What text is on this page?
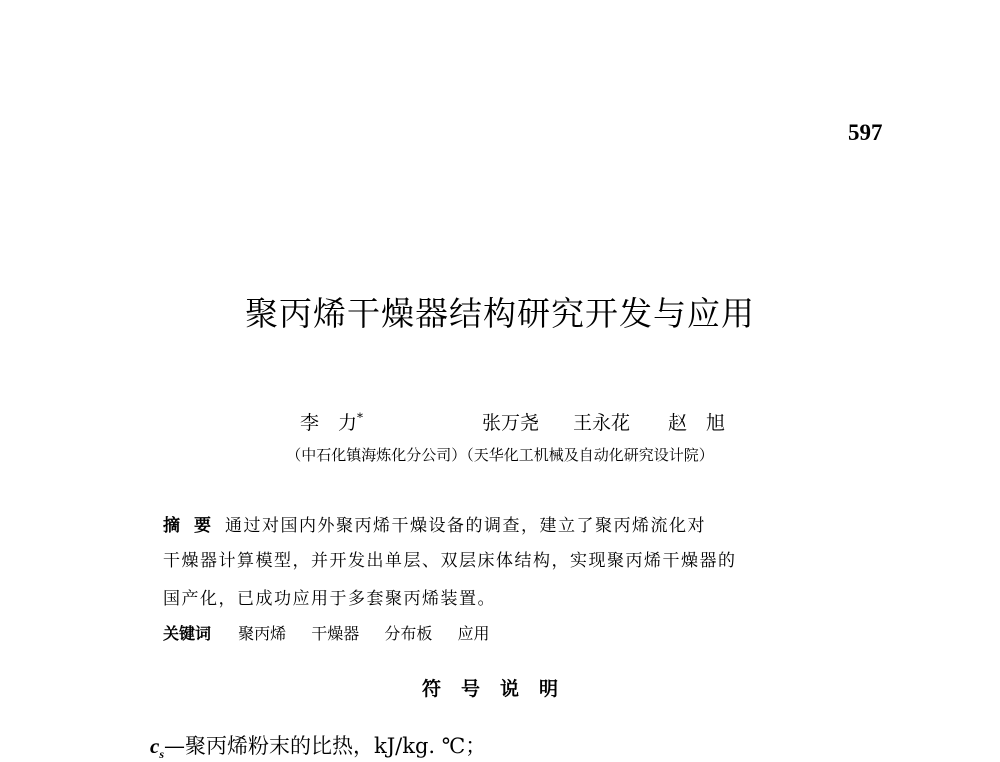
597
聚丙烯干燥器结构研究开发与应用
李　力*	张万尧 王永花 赵　旭
（中石化镇海炼化分公司）（天华化工机械及自动化研究设计院）
摘要通过对国内外聚丙烯干燥设备的调查，建立了聚丙烯流化对
干燥器计算模型，并开发出单层、双层床体结构，实现聚丙烯干燥器的
国产化，已成功应用于多套聚丙烯装置。
关键词 聚丙烯 干燥器 分布板 应用
符号说明
$c_s—$聚丙烯粉末的比热，kJ/kg. ℃；
